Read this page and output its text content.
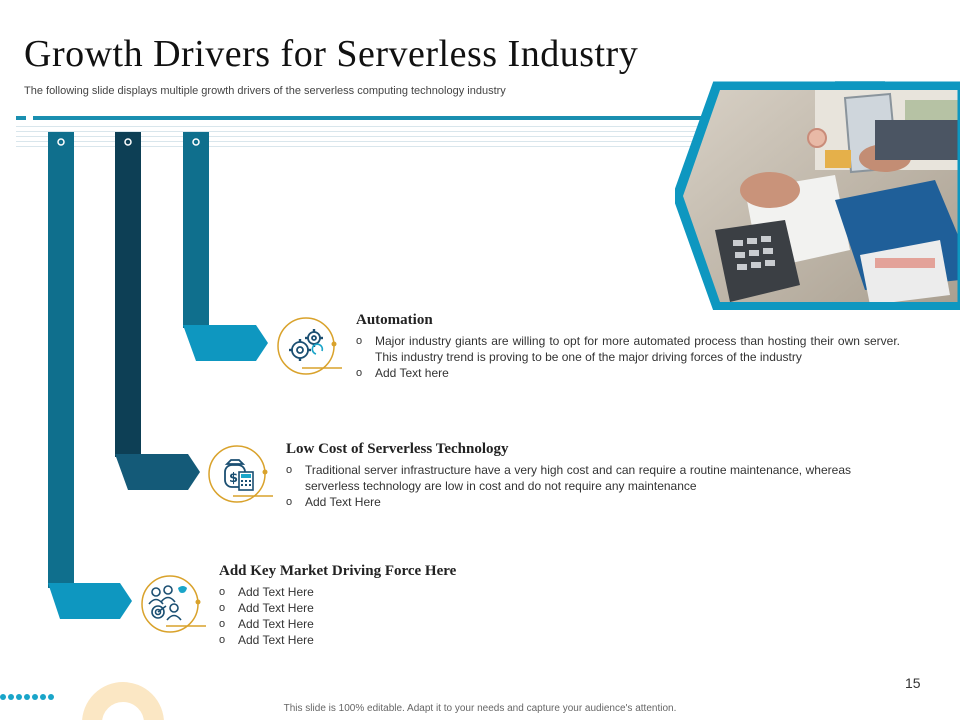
Growth Drivers for Serverless Industry
The following slide displays multiple growth drivers of the serverless computing technology industry
$
Automation
o Major industry giants are willing to opt for more automated process than hosting their own server. This industry trend is proving to be one of the major driving forces of the industry
o Add Text here
Low Cost of Serverless Technology
o Traditional server infrastructure have a very high cost and can require a routine maintenance, whereas serverless technology are low in cost and do not require any maintenance
o Add Text Here
Add Key Market Driving Force Here
o Add Text Here
o Add Text Here
o Add Text Here
o Add Text Here
15
This slide is 100% editable. Adapt it to your needs and capture your audience's attention.
